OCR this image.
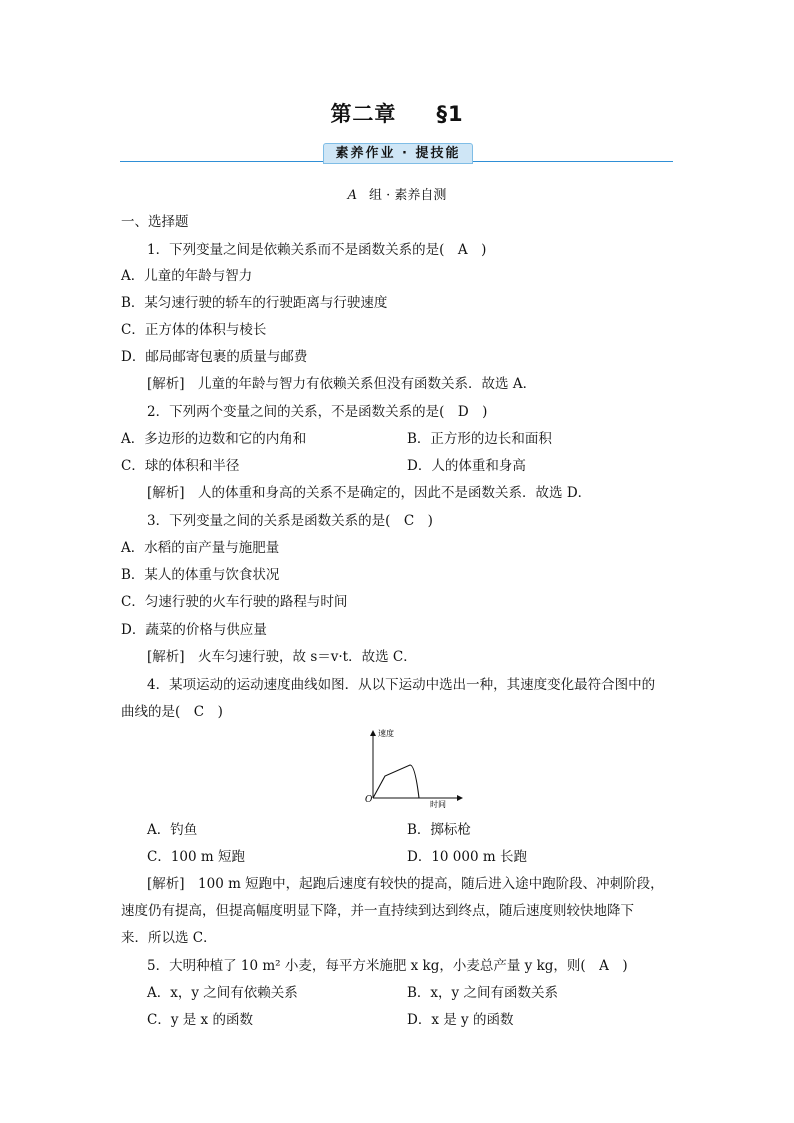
第二章 §1
素养作业 · 提技能
A 组 · 素养自测
一、选择题
1．下列变量之间是依赖关系而不是函数关系的是(　A　)
A．儿童的年龄与智力
B．某匀速行驶的轿车的行驶距离与行驶速度
C．正方体的体积与棱长
D．邮局邮寄包裹的质量与邮费
[解析]　儿童的年龄与智力有依赖关系但没有函数关系．故选 A．
2．下列两个变量之间的关系，不是函数关系的是(　D　)
A．多边形的边数和它的内角和	B．正方形的边长和面积
C．球的体积和半径	D．人的体重和身高
[解析]　人的体重和身高的关系不是确定的，因此不是函数关系．故选 D．
3．下列变量之间的关系是函数关系的是(　C　)
A．水稻的亩产量与施肥量
B．某人的体重与饮食状况
C．匀速行驶的火车行驶的路程与时间
D．蔬菜的价格与供应量
[解析]　火车匀速行驶，故 s＝v·t．故选 C．
4．某项运动的运动速度曲线如图．从以下运动中选出一种，其速度变化最符合图中的
曲线的是(　C　)
速度
时间
O
A．钓鱼	B．掷标枪
C．100 m 短跑	D．10 000 m 长跑
[解析]　100 m 短跑中，起跑后速度有较快的提高，随后进入途中跑阶段、冲刺阶段，
速度仍有提高，但提高幅度明显下降，并一直持续到达到终点，随后速度则较快地降下
来．所以选 C．
5．大明种植了 10 m² 小麦，每平方米施肥 x kg，小麦总产量 y kg，则(　A　)
A．x，y 之间有依赖关系	B．x，y 之间有函数关系
C．y 是 x 的函数	D．x 是 y 的函数
